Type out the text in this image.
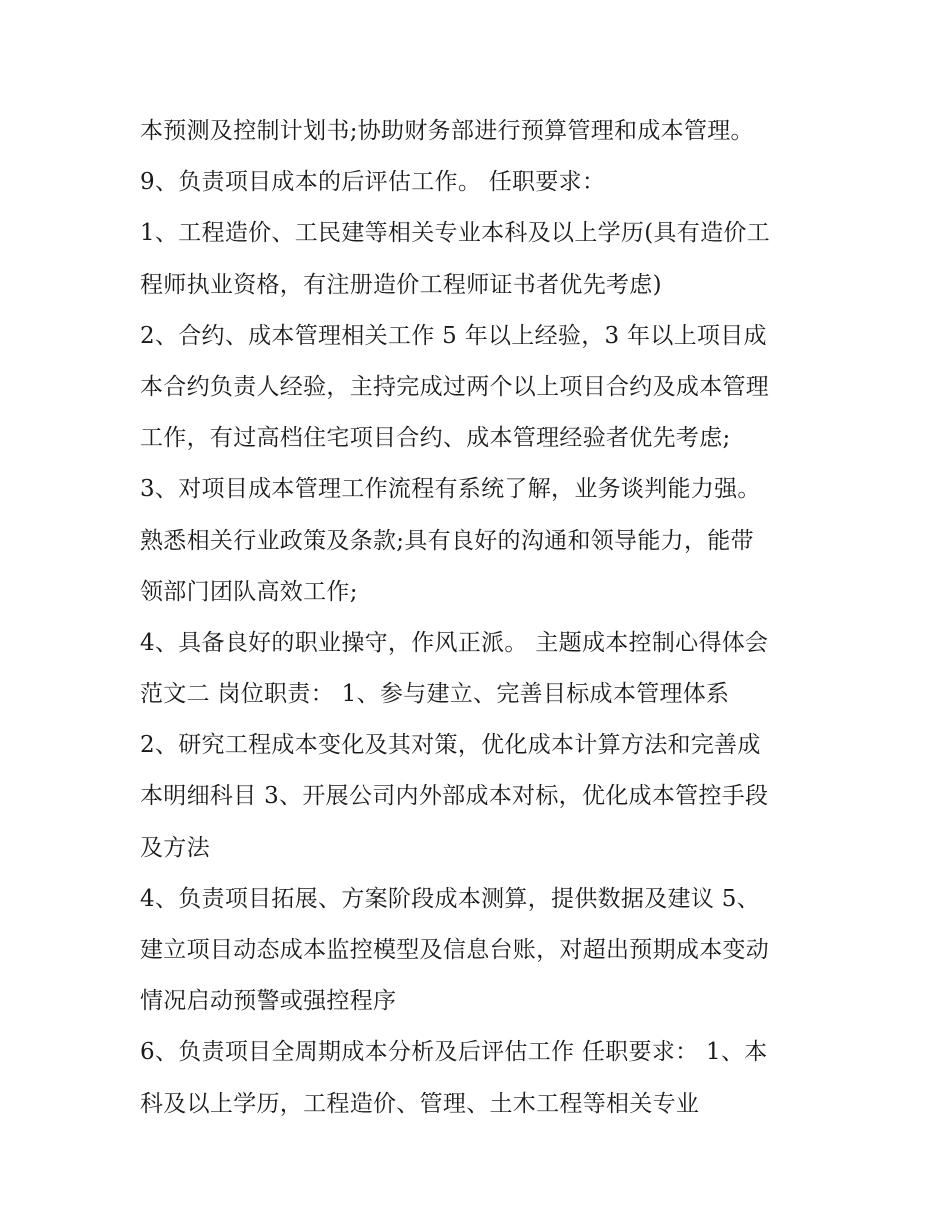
本预测及控制计划书;协助财务部进行预算管理和成本管理。
9、负责项目成本的后评估工作。 任职要求：
1、工程造价、工民建等相关专业本科及以上学历(具有造价工
程师执业资格，有注册造价工程师证书者优先考虑)
2、合约、成本管理相关工作 5 年以上经验，3 年以上项目成
本合约负责人经验，主持完成过两个以上项目合约及成本管理
工作，有过高档住宅项目合约、成本管理经验者优先考虑;
3、对项目成本管理工作流程有系统了解，业务谈判能力强。
熟悉相关行业政策及条款;具有良好的沟通和领导能力，能带
领部门团队高效工作;
4、具备良好的职业操守，作风正派。 主题成本控制心得体会
范文二 岗位职责： 1、参与建立、完善目标成本管理体系
2、研究工程成本变化及其对策，优化成本计算方法和完善成
本明细科目 3、开展公司内外部成本对标，优化成本管控手段
及方法
4、负责项目拓展、方案阶段成本测算，提供数据及建议 5、
建立项目动态成本监控模型及信息台账，对超出预期成本变动
情况启动预警或强控程序
6、负责项目全周期成本分析及后评估工作 任职要求： 1、本
科及以上学历，工程造价、管理、土木工程等相关专业
